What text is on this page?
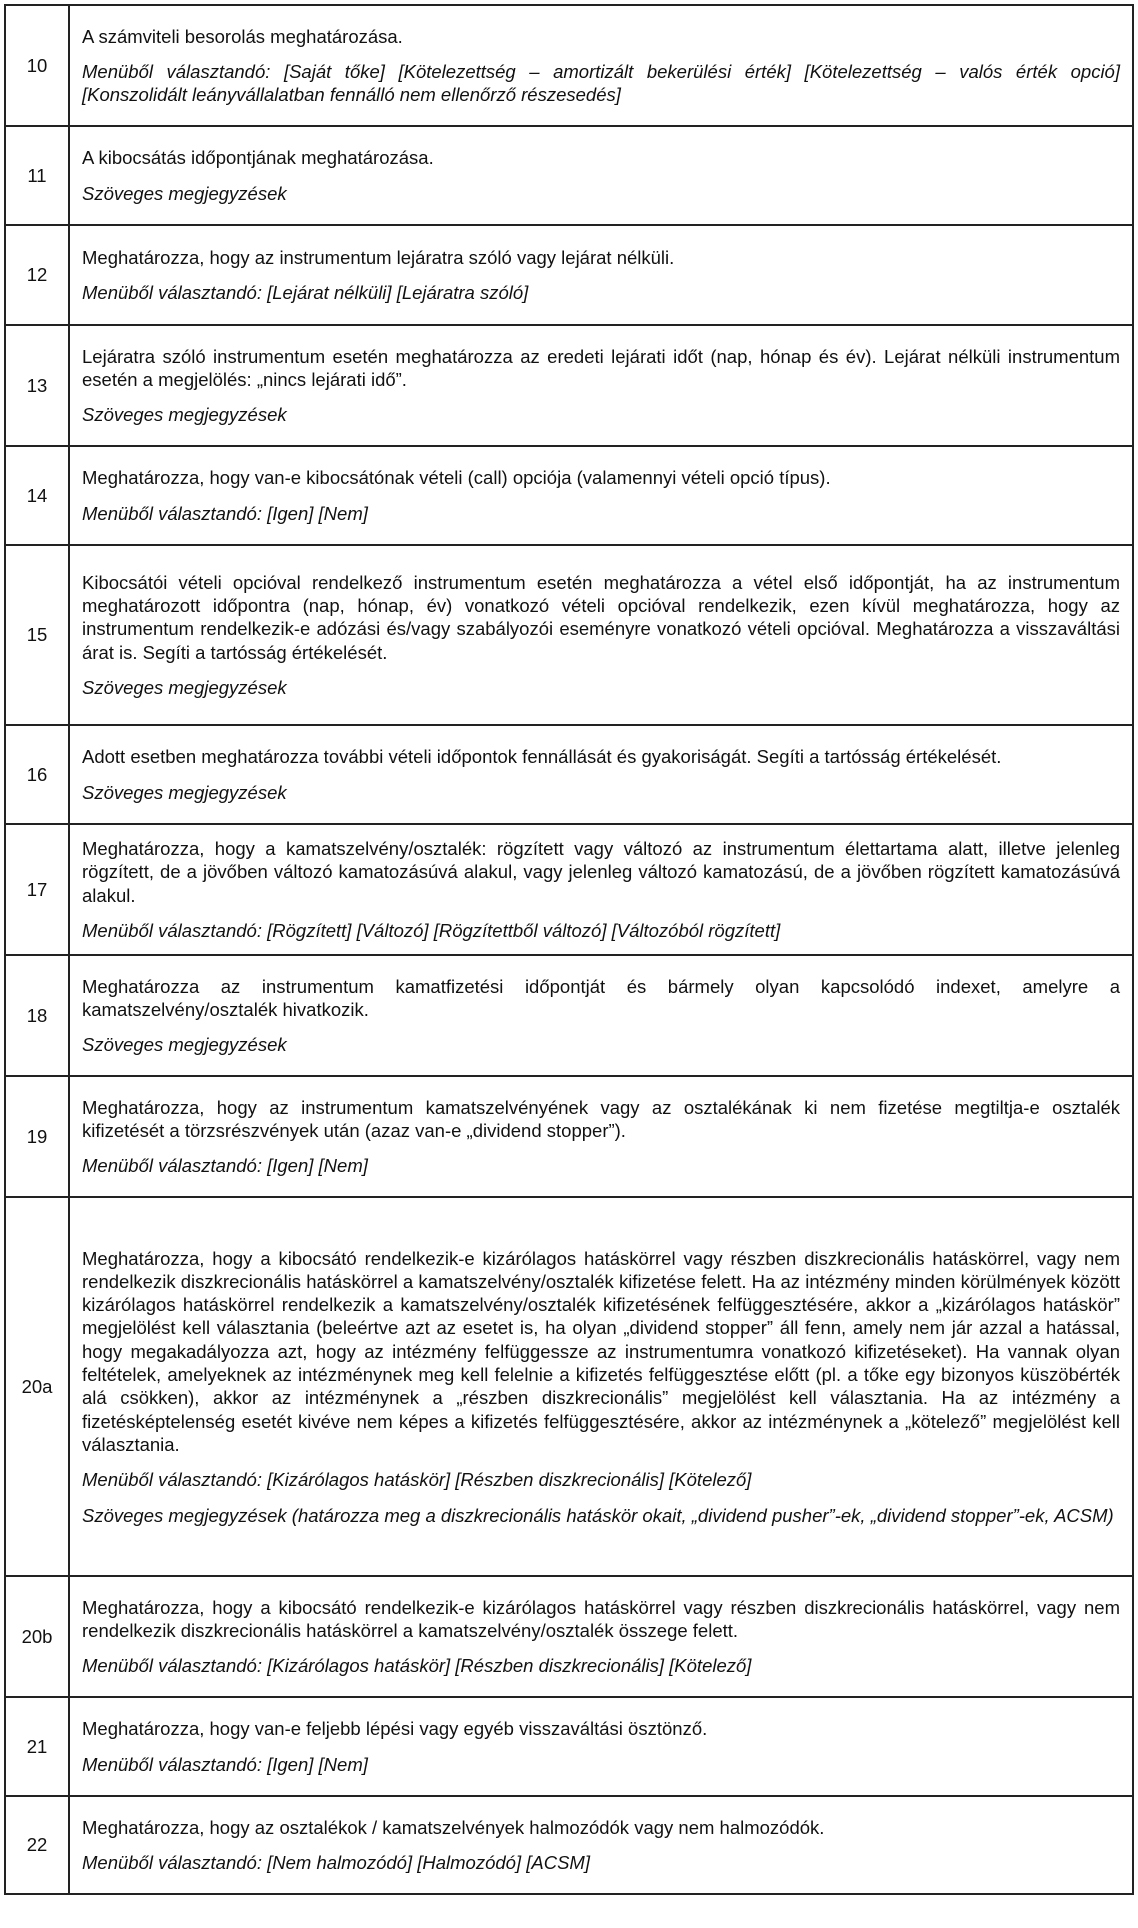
10	A számviteli besorolás meghatározása.

Menüből választandó: [Saját tőke] [Kötelezettség – amortizált bekerülési érték] [Kötelezettség – valós érték opció] [Konszolidált leányvállalatban fennálló nem ellenőrző részesedés]

11	A kibocsátás időpontjának meghatározása.

Szöveges megjegyzések

12	Meghatározza, hogy az instrumentum lejáratra szóló vagy lejárat nélküli.

Menüből választandó: [Lejárat nélküli] [Lejáratra szóló]

13	Lejáratra szóló instrumentum esetén meghatározza az eredeti lejárati időt (nap, hónap és év). Lejárat nélküli instrumentum esetén a megjelölés: „nincs lejárati idő”.

Szöveges megjegyzések

14	Meghatározza, hogy van-e kibocsátónak vételi (call) opciója (valamennyi vételi opció típus).

Menüből választandó: [Igen] [Nem]

15	Kibocsátói vételi opcióval rendelkező instrumentum esetén meghatározza a vétel első időpontját, ha az instrumentum meghatározott időpontra (nap, hónap, év) vonatkozó vételi opcióval rendelkezik, ezen kívül meghatározza, hogy az instrumentum rendelkezik-e adózási és/vagy szabályozói eseményre vonatkozó vételi opcióval. Meghatározza a visszaváltási árat is. Segíti a tartósság értékelését.

Szöveges megjegyzések

16	Adott esetben meghatározza további vételi időpontok fennállását és gyakoriságát. Segíti a tartósság értékelését.

Szöveges megjegyzések

17	Meghatározza, hogy a kamatszelvény/osztalék: rögzített vagy változó az instrumentum élettartama alatt, illetve jelenleg rögzített, de a jövőben változó kamatozásúvá alakul, vagy jelenleg változó kamatozású, de a jövőben rögzített kamatozásúvá alakul.

Menüből választandó: [Rögzített] [Változó] [Rögzítettből változó] [Változóból rögzített]

18	Meghatározza az instrumentum kamatfizetési időpontját és bármely olyan kapcsolódó indexet, amelyre a kamatszelvény/osztalék hivatkozik.

Szöveges megjegyzések

19	Meghatározza, hogy az instrumentum kamatszelvényének vagy az osztalékának ki nem fizetése megtiltja-e osztalék kifizetését a törzsrészvények után (azaz van-e „dividend stopper”).

Menüből választandó: [Igen] [Nem]

20a	Meghatározza, hogy a kibocsátó rendelkezik-e kizárólagos hatáskörrel vagy részben diszkrecionális hatáskörrel, vagy nem rendelkezik diszkrecionális hatáskörrel a kamatszelvény/osztalék kifizetése felett. Ha az intézmény minden körülmények között kizárólagos hatáskörrel rendelkezik a kamatszelvény/osztalék kifizetésének felfüggesztésére, akkor a „kizárólagos hatáskör” megjelölést kell választania (beleértve azt az esetet is, ha olyan „dividend stopper” áll fenn, amely nem jár azzal a hatással, hogy megakadályozza azt, hogy az intézmény felfüggessze az instrumentumra vonatkozó kifizetéseket). Ha vannak olyan feltételek, amelyeknek az intézménynek meg kell felelnie a kifizetés felfüggesztése előtt (pl. a tőke egy bizonyos küszöbérték alá csökken), akkor az intézménynek a „részben diszkrecionális” megjelölést kell választania. Ha az intézmény a fizetésképtelenség esetét kivéve nem képes a kifizetés felfüggesztésére, akkor az intézménynek a „kötelező” megjelölést kell választania.

Menüből választandó: [Kizárólagos hatáskör] [Részben diszkrecionális] [Kötelező]

Szöveges megjegyzések (határozza meg a diszkrecionális hatáskör okait, „dividend pusher”-ek, „dividend stopper”-ek, ACSM)

20b	Meghatározza, hogy a kibocsátó rendelkezik-e kizárólagos hatáskörrel vagy részben diszkrecionális hatáskörrel, vagy nem rendelkezik diszkrecionális hatáskörrel a kamatszelvény/osztalék összege felett.

Menüből választandó: [Kizárólagos hatáskör] [Részben diszkrecionális] [Kötelező]

21	Meghatározza, hogy van-e feljebb lépési vagy egyéb visszaváltási ösztönző.

Menüből választandó: [Igen] [Nem]

22	Meghatározza, hogy az osztalékok / kamatszelvények halmozódók vagy nem halmozódók.

Menüből választandó: [Nem halmozódó] [Halmozódó] [ACSM]
